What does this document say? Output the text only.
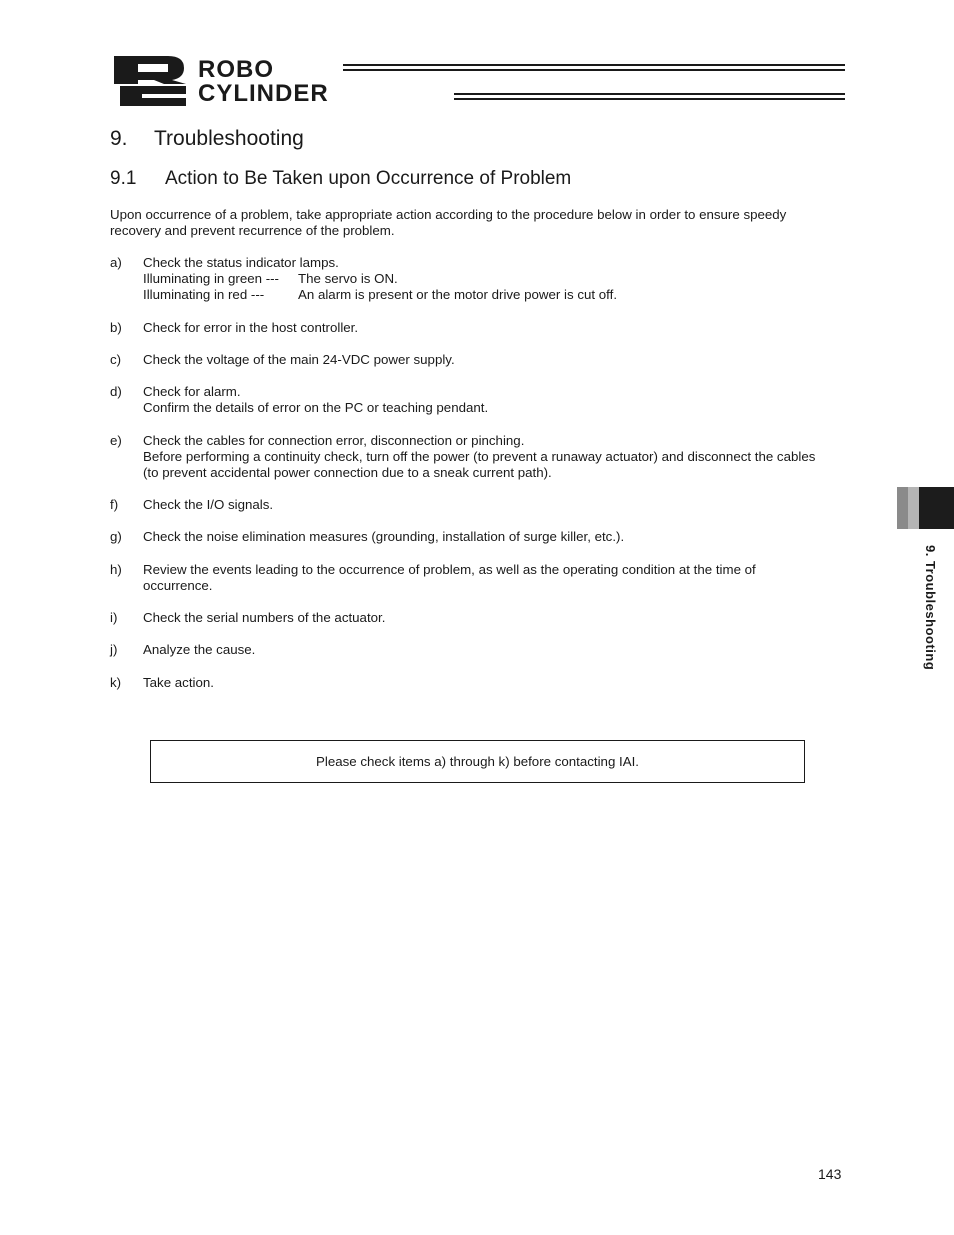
ROBO
CYLINDER
9. Troubleshooting
9.1 Action to Be Taken upon Occurrence of Problem

Upon occurrence of a problem, take appropriate action according to the procedure below in order to ensure speedy recovery and prevent recurrence of the problem.

a) Check the status indicator lamps.
Illuminating in green --- The servo is ON.
Illuminating in red ---	An alarm is present or the motor drive power is cut off.
b) Check for error in the host controller.
c) Check the voltage of the main 24-VDC power supply.
d) Check for alarm.
Confirm the details of error on the PC or teaching pendant.
e) Check the cables for connection error, disconnection or pinching.
Before performing a continuity check, turn off the power (to prevent a runaway actuator) and disconnect the cables (to prevent accidental power connection due to a sneak current path).
f) Check the I/O signals.
g) Check the noise elimination measures (grounding, installation of surge killer, etc.).
h) Review the events leading to the occurrence of problem, as well as the operating condition at the time of occurrence.
i) Check the serial numbers of the actuator.
j) Analyze the cause.
k) Take action.
Please check items a) through k) before contacting IAI.
9. Troubleshooting
143
